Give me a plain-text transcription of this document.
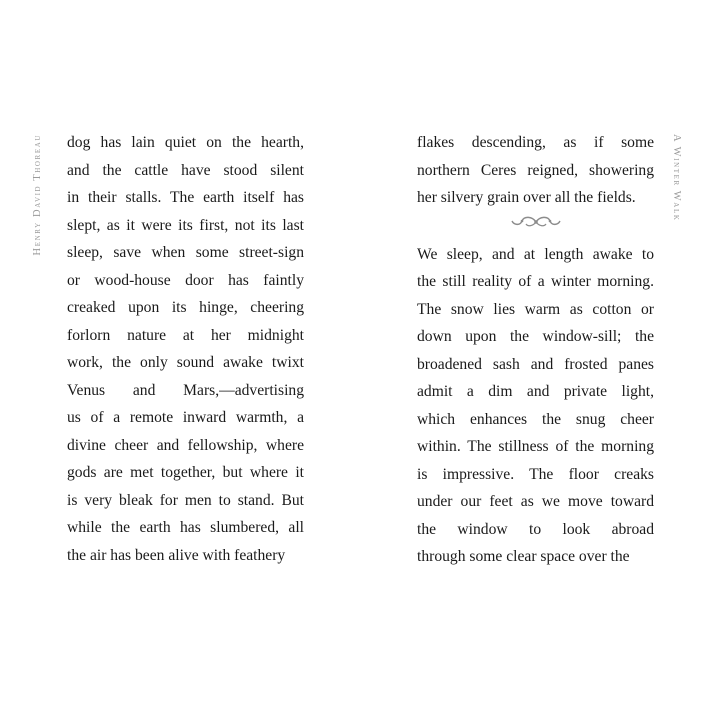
Henry David Thoreau dog has lain quiet on the hearth,
and the cattle have stood silent
in their stalls. The earth itself has
slept, as it were its first, not its last
sleep, save when some street-sign
or wood-house door has faintly
creaked upon its hinge, cheering
forlorn nature at her midnight
work, the only sound awake twixt
Venus and Mars,—advertising
us of a remote inward warmth, a
divine cheer and fellowship, where
gods are met together, but where it
is very bleak for men to stand. But
while the earth has slumbered, all
the air has been alive with feathery
flakes descending, as if some
northern Ceres reigned, showering
her silvery grain over all the fields.
We sleep, and at length awake to
the still reality of a winter morning.
The snow lies warm as cotton or
down upon the window-sill; the
broadened sash and frosted panes
admit a dim and private light,
which enhances the snug cheer
within. The stillness of the morning
is impressive. The floor creaks
under our feet as we move toward
the window to look abroad
through some clear space over the
A Winter Walk
